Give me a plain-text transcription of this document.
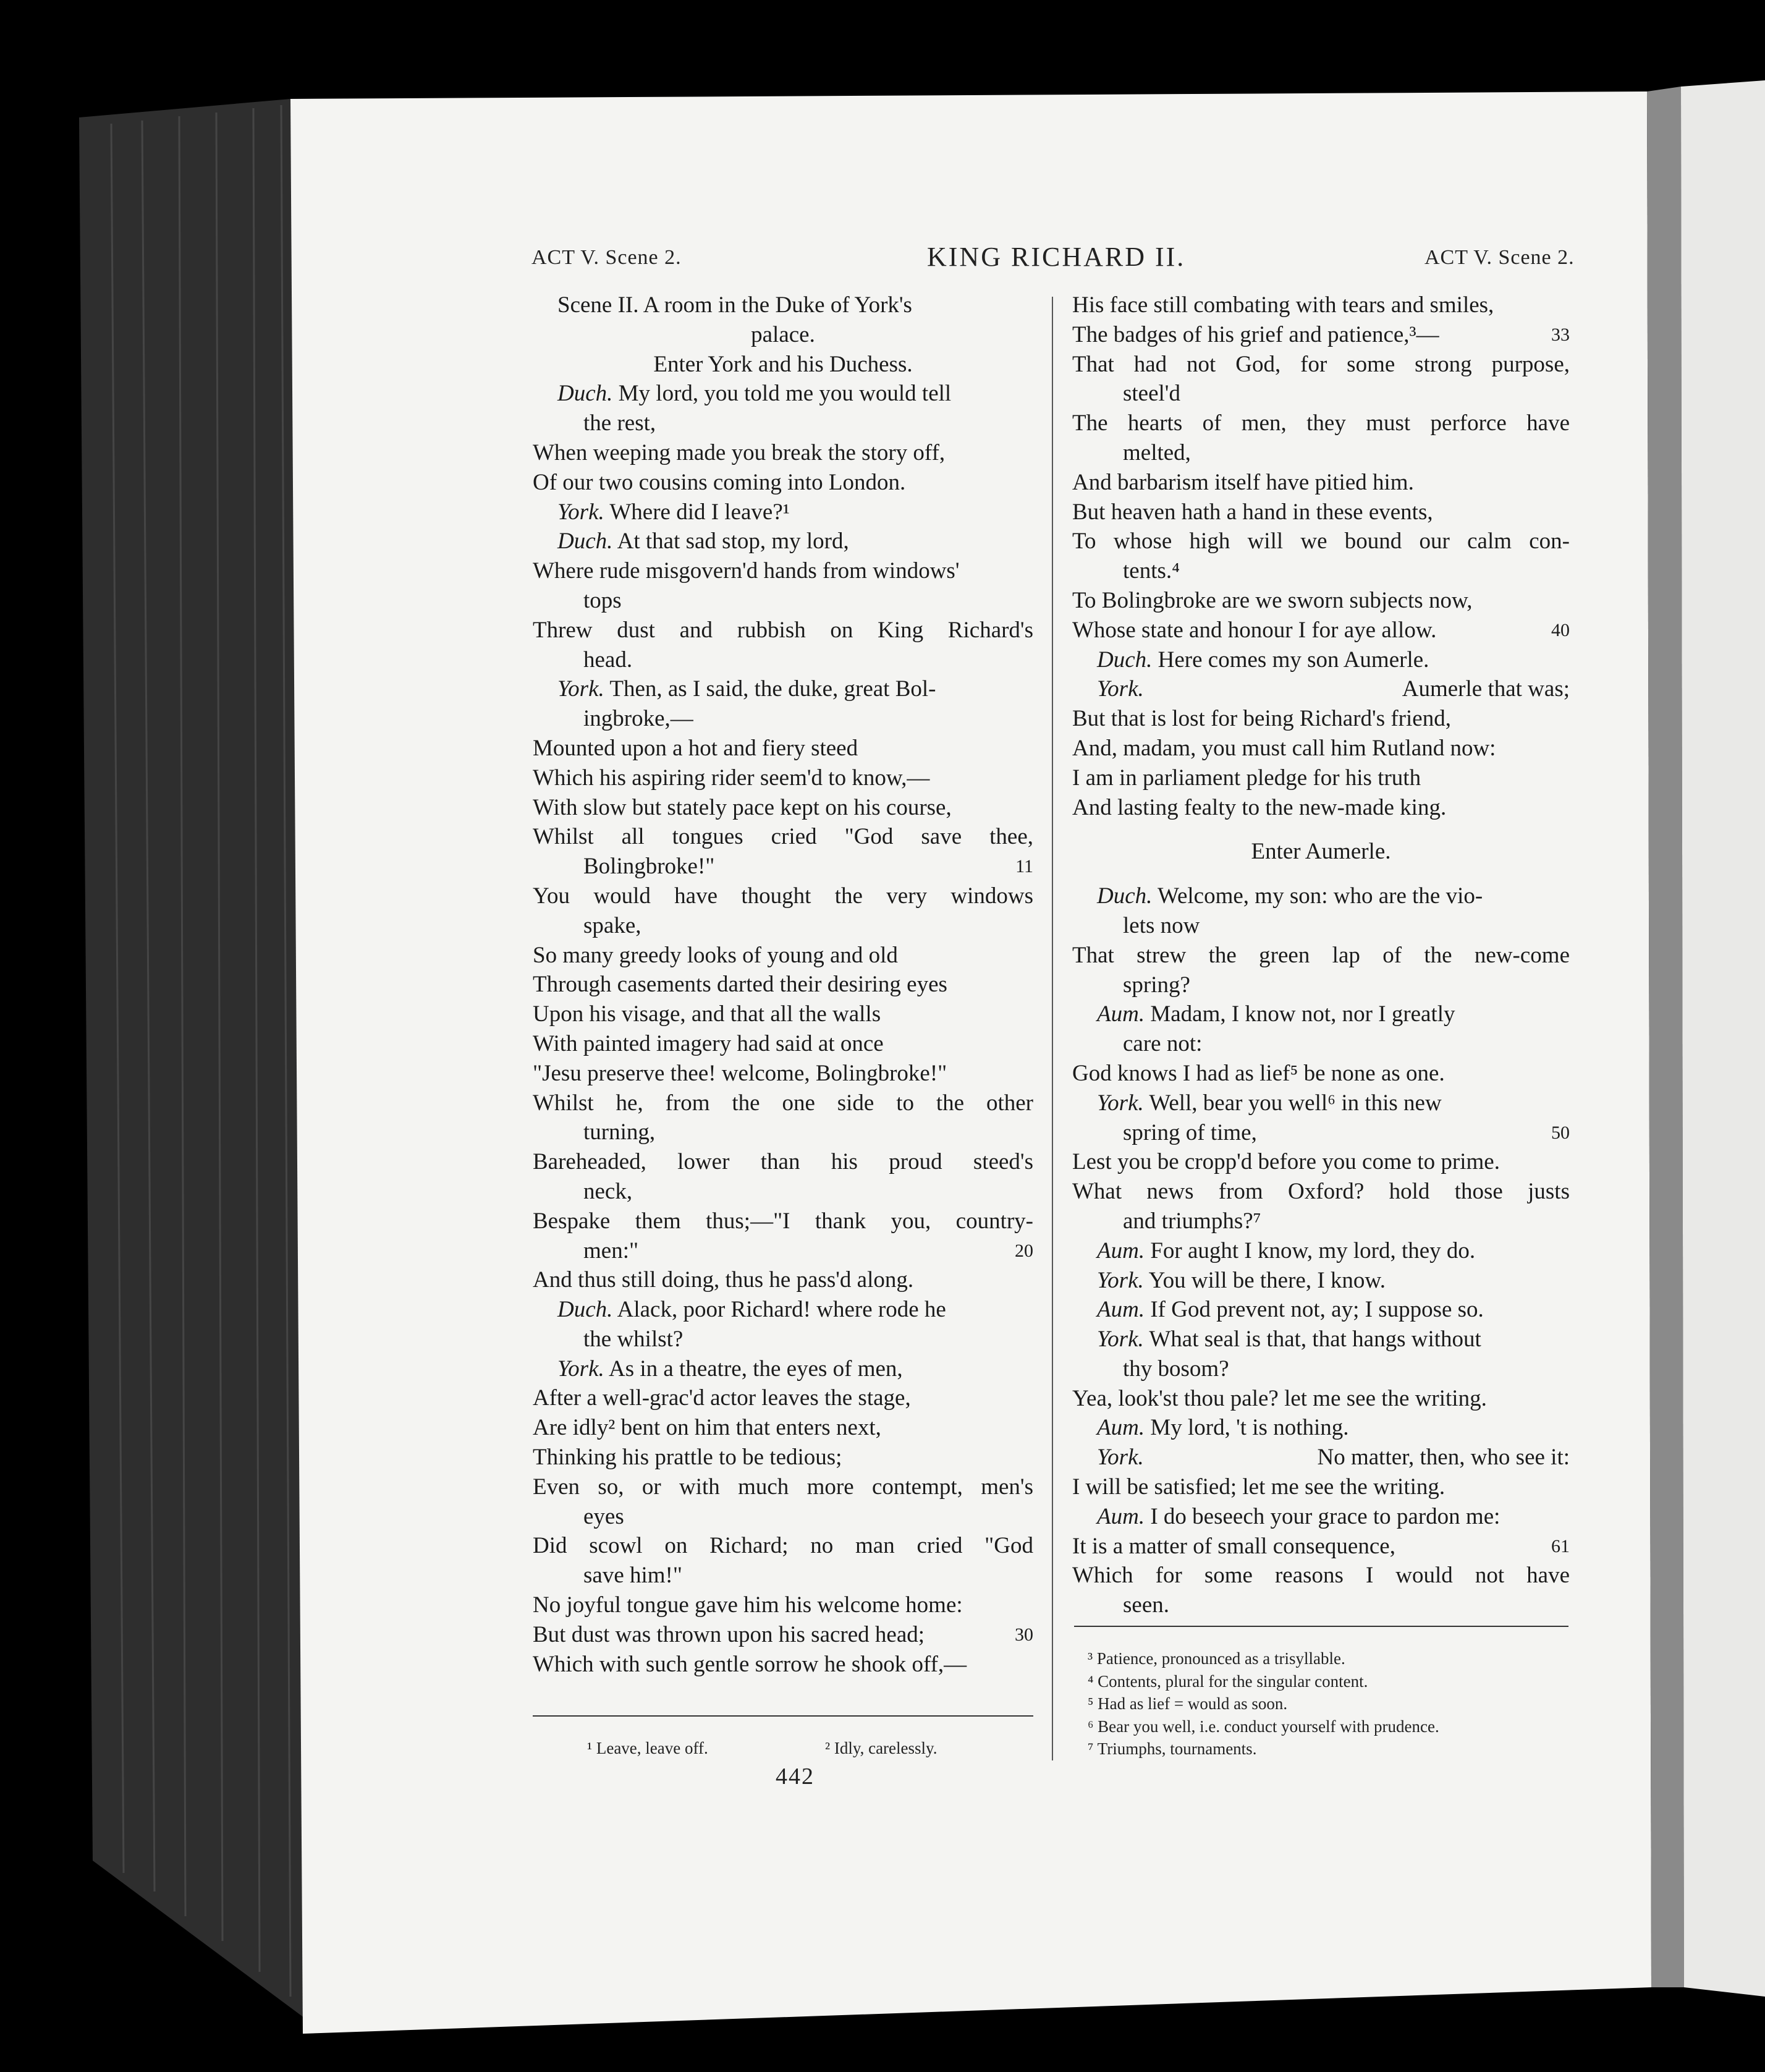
ACT V. Scene 2.	KING RICHARD II.	ACT V. Scene 2.
Scene II. A room in the Duke of York's
palace.
Enter York and his Duchess.
Duch. My lord, you told me you would tell
the rest,
When weeping made you break the story off,
Of our two cousins coming into London.
York. Where did I leave?¹
Duch. At that sad stop, my lord,
Where rude misgovern'd hands from windows'
tops
Threw dust and rubbish on King Richard's
head.
York. Then, as I said, the duke, great Bol-
ingbroke,—
Mounted upon a hot and fiery steed
Which his aspiring rider seem'd to know,—
With slow but stately pace kept on his course,
Whilst all tongues cried "God save thee,
Bolingbroke!"	11
You would have thought the very windows
spake,
So many greedy looks of young and old
Through casements darted their desiring eyes
Upon his visage, and that all the walls
With painted imagery had said at once
"Jesu preserve thee! welcome, Bolingbroke!"
Whilst he, from the one side to the other
turning,
Bareheaded, lower than his proud steed's
neck,
Bespake them thus;—"I thank you, country-
men:"	20
And thus still doing, thus he pass'd along.
Duch. Alack, poor Richard! where rode he
the whilst?
York. As in a theatre, the eyes of men,
After a well-grac'd actor leaves the stage,
Are idly² bent on him that enters next,
Thinking his prattle to be tedious;
Even so, or with much more contempt, men's
eyes
Did scowl on Richard; no man cried "God
save him!"
No joyful tongue gave him his welcome home:
But dust was thrown upon his sacred head;	30
Which with such gentle sorrow he shook off,—
His face still combating with tears and smiles,
The badges of his grief and patience,³—	33
That had not God, for some strong purpose,
steel'd
The hearts of men, they must perforce have
melted,
And barbarism itself have pitied him.
But heaven hath a hand in these events,
To whose high will we bound our calm con-
tents.⁴
To Bolingbroke are we sworn subjects now,
Whose state and honour I for aye allow.	40
Duch. Here comes my son Aumerle.
York.	Aumerle that was;
But that is lost for being Richard's friend,
And, madam, you must call him Rutland now:
I am in parliament pledge for his truth
And lasting fealty to the new-made king.
Enter Aumerle.
Duch. Welcome, my son: who are the vio-
lets now
That strew the green lap of the new-come
spring?
Aum. Madam, I know not, nor I greatly
care not:
God knows I had as lief⁵ be none as one.
York. Well, bear you well⁶ in this new
spring of time,	50
Lest you be cropp'd before you come to prime.
What news from Oxford? hold those justs
and triumphs?⁷
Aum. For aught I know, my lord, they do.
York. You will be there, I know.
Aum. If God prevent not, ay; I suppose so.
York. What seal is that, that hangs without
thy bosom?
Yea, look'st thou pale? let me see the writing.
Aum. My lord, 't is nothing.
York.	No matter, then, who see it:
I will be satisfied; let me see the writing.
Aum. I do beseech your grace to pardon me:
It is a matter of small consequence,	61
Which for some reasons I would not have
seen.
¹ Leave, leave off.	² Idly, carelessly.
³ Patience, pronounced as a trisyllable.
⁴ Contents, plural for the singular content.
⁵ Had as lief = would as soon.
⁶ Bear you well, i.e. conduct yourself with prudence.
⁷ Triumphs, tournaments.
442
